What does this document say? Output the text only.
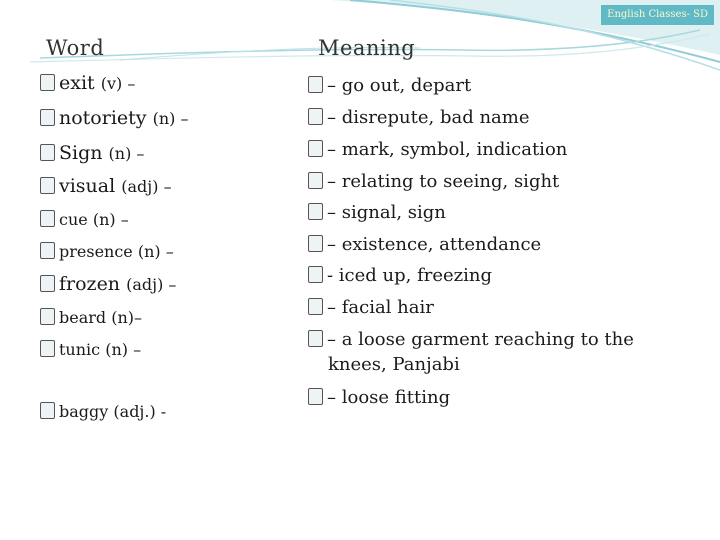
English Classes- SD
Word	Meaning
exit
(v) –
notoriety
(n) –
Sign
(n) –
visual
(adj) –
cue
(n) –
presence
(n) –
frozen
(adj) –
beard
(n)–
tunic
(n) –
baggy
(adj.) -
– go out, depart
– disrepute, bad name
– mark, symbol, indication
– relating to seeing, sight
– signal, sign
– existence, attendance
- iced up, freezing
– facial hair
– a loose garment reaching to the
knees, Panjabi
– loose fitting
